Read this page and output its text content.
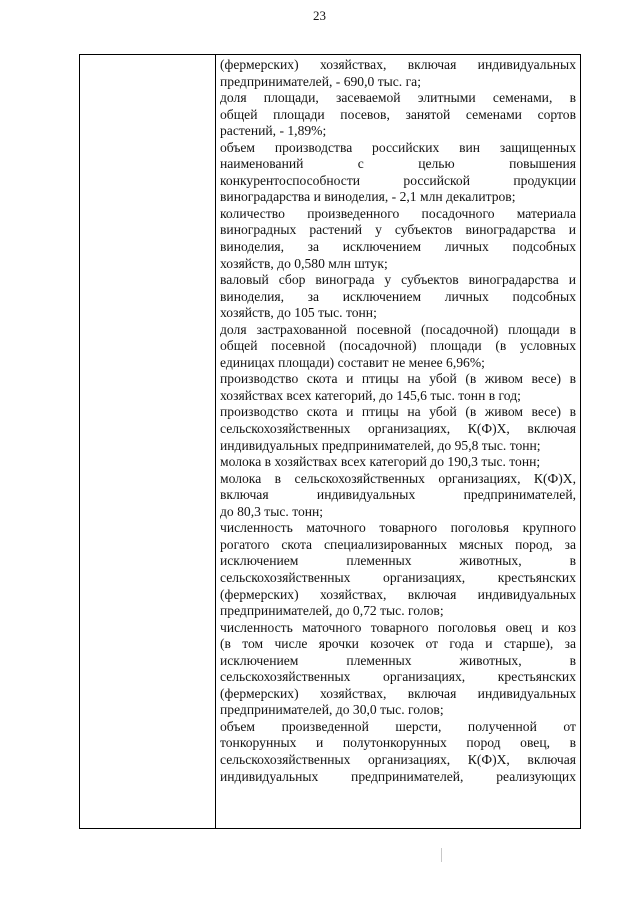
23

(фермерских) хозяйствах, включая индивидуальных
предпринимателей, - 690,0 тыс. га;
доля площади, засеваемой элитными семенами, в
общей площади посевов, занятой семенами сортов
растений, - 1,89%;
объем производства российских вин защищенных
наименований с целью повышения
конкурентоспособности российской продукции
виноградарства и виноделия, - 2,1 млн декалитров;
количество произведенного посадочного материала
виноградных растений у субъектов виноградарства и
виноделия, за исключением личных подсобных
хозяйств, до 0,580 млн штук;
валовый сбор винограда у субъектов виноградарства и
виноделия, за исключением личных подсобных
хозяйств, до 105 тыс. тонн;
доля застрахованной посевной (посадочной) площади в
общей посевной (посадочной) площади (в условных
единицах площади) составит не менее 6,96%;
производство скота и птицы на убой (в живом весе) в
хозяйствах всех категорий, до 145,6 тыс. тонн в год;
производство скота и птицы на убой (в живом весе) в
сельскохозяйственных организациях, К(Ф)Х, включая
индивидуальных предпринимателей, до 95,8 тыс. тонн;
молока в хозяйствах всех категорий до 190,3 тыс. тонн;
молока в сельскохозяйственных организациях, К(Ф)Х,
включая индивидуальных предпринимателей,
до 80,3 тыс. тонн;
численность маточного товарного поголовья крупного
рогатого скота специализированных мясных пород, за
исключением племенных животных, в
сельскохозяйственных организациях, крестьянских
(фермерских) хозяйствах, включая индивидуальных
предпринимателей, до 0,72 тыс. голов;
численность маточного товарного поголовья овец и коз
(в том числе ярочки козочек от года и старше), за
исключением племенных животных, в
сельскохозяйственных организациях, крестьянских
(фермерских) хозяйствах, включая индивидуальных
предпринимателей, до 30,0 тыс. голов;
объем произведенной шерсти, полученной от
тонкорунных и полутонкорунных пород овец, в
сельскохозяйственных организациях, К(Ф)Х, включая
индивидуальных предпринимателей, реализующих
